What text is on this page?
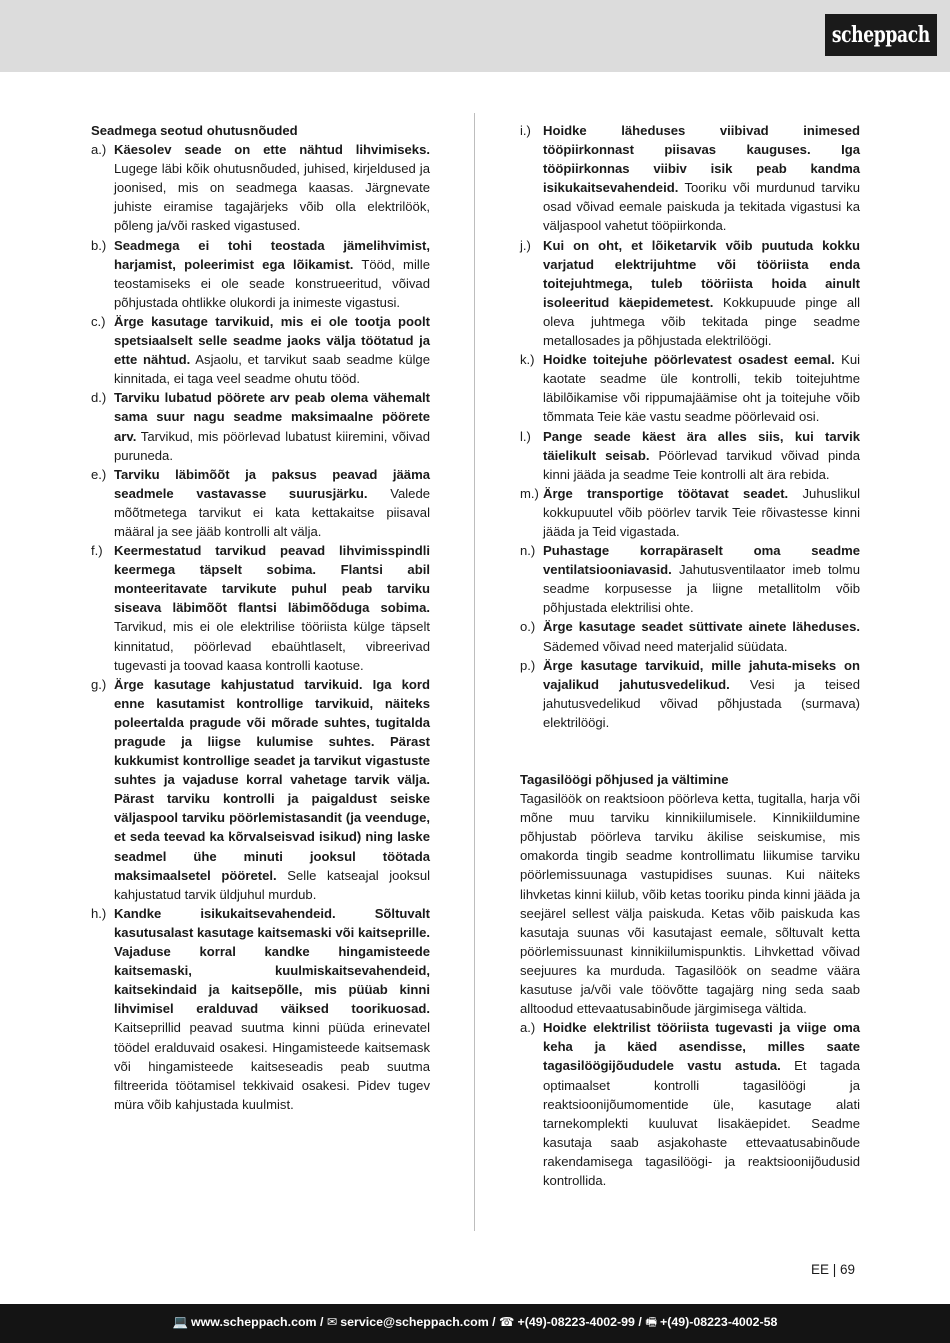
scheppach
Seadmega seotud ohutusnõuded
a.) Käesolev seade on ette nähtud lihvimiseks. Lugege läbi kõik ohutusnõuded, juhised, kirjeldused ja joonised, mis on seadmega kaasas. Järgnevate juhiste eiramise tagajärjeks võib olla elektrilöök, põleng ja/või rasked vigastused.
b.) Seadmega ei tohi teostada jämelihvimist, harjamist, poleerimist ega lõikamist. Tööd, mille teostamiseks ei ole seade konstrueeritud, võivad põhjustada ohtlikke olukordi ja inimeste vigastusi.
c.) Ärge kasutage tarvikuid, mis ei ole tootja poolt spetsiaalselt selle seadme jaoks välja töötatud ja ette nähtud. Asjaolu, et tarvikut saab seadme külge kinnitada, ei taga veel seadme ohutu tööd.
d.) Tarviku lubatud pöörete arv peab olema vähemalt sama suur nagu seadme maksimaalne pöörete arv. Tarvikud, mis pöörlevad lubatust kiiremini, võivad puruneda.
e.) Tarviku läbimõõt ja paksus peavad jääma seadmele vastavasse suurusjärku. Valede mõõtmetega tarvikut ei kata kettakaitse piisaval määral ja see jääb kontrolli alt välja.
f.) Keermestatud tarvikud peavad lihvimisspindli keermega täpselt sobima. Flantsi abil monteeritavate tarvikute puhul peab tarviku siseava läbimõõt flantsi läbimõõduga sobima. Tarvikud, mis ei ole elektrilise tööriista külge täpselt kinnitatud, pöörlevad ebaühtlaselt, vibreerivad tugevasti ja toovad kaasa kontrolli kaotuse.
g.) Ärge kasutage kahjustatud tarvikuid. Iga kord enne kasutamist kontrollige tarvikuid, näiteks poleertalda pragude või mõrade suhtes, tugitalda pragude ja liigse kulumise suhtes. Pärast kukkumist kontrollige seadet ja tarvikut vigastuste suhtes ja vajaduse korral vahetage tarvik välja. Pärast tarviku kontrolli ja paigaldust seiske väljaspool tarviku pöörlemistasandit (ja veenduge, et seda teevad ka kõrvalseisvad isikud) ning laske seadmel ühe minuti jooksul töötada maksimaalsetel pööretel. Selle katseajal jooksul kahjustatud tarvik üldjuhul murdub.
h.) Kandke isikukaitsevahendeid. Sõltuvalt kasutusalast kasutage kaitsemaski või kaitseprille. Vajaduse korral kandke hingamisteede kaitsemaski, kuulmiskaitsevahendeid, kaitsekindaid ja kaitsepõlle, mis püüab kinni lihvimisel eralduvad väiksed toorikuosad. Kaitseprillid peavad suutma kinni püüda erinevatel töödel eralduvaid osakesi. Hingamisteede kaitsemask või hingamisteede kaitseseadis peab suutma filtreerida töötamisel tekkivaid osakesi. Pidev tugev müra võib kahjustada kuulmist.
i.) Hoidke läheduses viibivad inimesed tööpiirkonnast piisavas kauguses. Iga tööpiirkonnas viibiv isik peab kandma isikukaitsevahendeid. Tooriku või murdunud tarviku osad võivad eemale paiskuda ja tekitada vigastusi ka väljaspool vahetut tööpiirkonda.
j.) Kui on oht, et lõiketarvik võib puutuda kokku varjatud elektrijuhtme või tööriista enda toitejuhtmega, tuleb tööriista hoida ainult isoleeritud käepidemetest. Kokkupuude pinge all oleva juhtmega võib tekitada pinge seadme metallosades ja põhjustada elektrilöögi.
k.) Hoidke toitejuhe pöörlevatest osadest eemal. Kui kaotate seadme üle kontrolli, tekib toitejuhtme läbilõikamise või rippumajäämise oht ja toitejuhe võib tõmmata Teie käe vastu seadme pöörlevaid osi.
l.) Pange seade käest ära alles siis, kui tarvik täielikult seisab. Pöörlevad tarvikud võivad pinda kinni jääda ja seadme Teie kontrolli alt ära rebida.
m.) Ärge transportige töötavat seadet. Juhuslikul kokkupuutel võib pöörlev tarvik Teie rõivastesse kinni jääda ja Teid vigastada.
n.) Puhastage korrapäraselt oma seadme ventilatsiooniavasid. Jahutusventilaator imeb tolmu seadme korpusesse ja liigne metallitolm võib põhjustada elektrilisi ohte.
o.) Ärge kasutage seadet süttivate ainete läheduses. Sädemed võivad need materjalid süüdata.
p.) Ärge kasutage tarvikuid, mille jahuta-miseks on vajalikud jahutusvedelikud. Vesi ja teised jahutusvedelikud võivad põhjustada (surmava) elektrilöögi.
Tagasilöögi põhjused ja vältimine
Tagasilöök on reaktsioon pöörleva ketta, tugitalla, harja või mõne muu tarviku kinnikiilumisele. Kinnikiildumine põhjustab pöörleva tarviku äkilise seiskumise, mis omakorda tingib seadme kontrollimatu liikumise tarviku pöörlemissuunaga vastupidises suunas. Kui näiteks lihvketas kinni kiilub, võib ketas tooriku pinda kinni jääda ja seejärel sellest välja paiskuda. Ketas võib paiskuda kas kasutaja suunas või kasutajast eemale, sõltuvalt ketta pöörlemissuunast kinnikiilumispunktis. Lihvkettad võivad seejuures ka murduda. Tagasilöök on seadme väära kasutuse ja/või vale töövõtte tagajärg ning seda saab alltoodud ettevaatusabinõude järgimisega vältida.
a.) Hoidke elektrilist tööriista tugevasti ja viige oma keha ja käed asendisse, milles saate tagasilöögijõududele vastu astuda. Et tagada optimaalset kontrolli tagasilöögi ja reaktsioonijõumomentide üle, kasutage alati tarnekomplekti kuuluvat lisakäepidet. Seadme kasutaja saab asjakohaste ettevaatusabinõude rakendamisega tagasilöögi- ja reaktsioonijõudusid kontrollida.
EE | 69
💻 www.scheppach.com / ✉ service@scheppach.com / ☎ +(49)-08223-4002-99 / 🖷 +(49)-08223-4002-58
